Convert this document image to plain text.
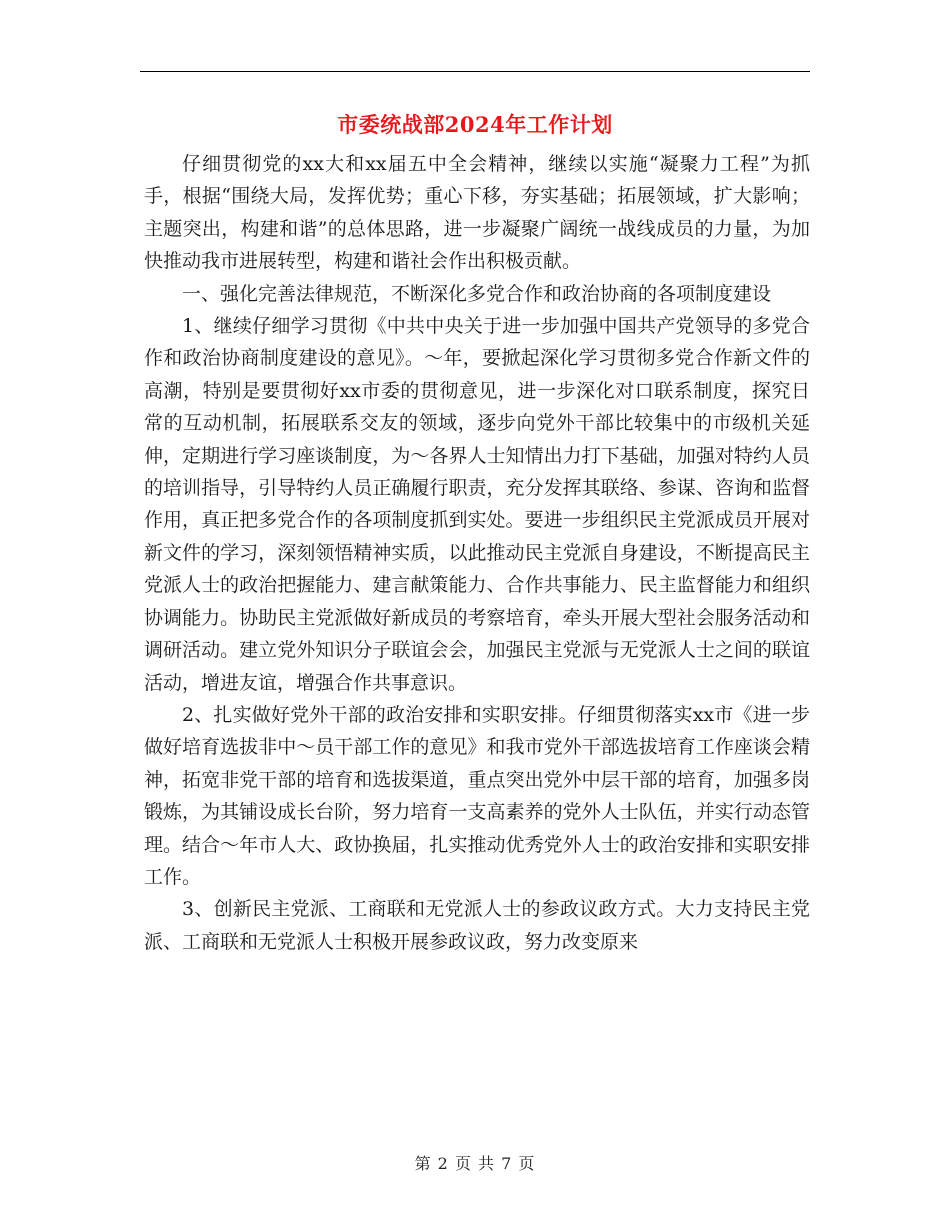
市委统战部2024年工作计划

仔细贯彻党的xx大和xx届五中全会精神，继续以实施“凝聚力工程”为抓手，根据“围绕大局，发挥优势；重心下移，夯实基础；拓展领域，扩大影响；主题突出，构建和谐”的总体思路，进一步凝聚广阔统一战线成员的力量，为加快推动我市进展转型，构建和谐社会作出积极贡献。

一、强化完善法律规范，不断深化多党合作和政治协商的各项制度建设

1、继续仔细学习贯彻《中共中央关于进一步加强中国共产党领导的多党合作和政治协商制度建设的意见》。～年，要掀起深化学习贯彻多党合作新文件的高潮，特别是要贯彻好xx市委的贯彻意见，进一步深化对口联系制度，探究日常的互动机制，拓展联系交友的领域，逐步向党外干部比较集中的市级机关延伸，定期进行学习座谈制度，为～各界人士知情出力打下基础，加强对特约人员的培训指导，引导特约人员正确履行职责，充分发挥其联络、参谋、咨询和监督作用，真正把多党合作的各项制度抓到实处。要进一步组织民主党派成员开展对新文件的学习，深刻领悟精神实质，以此推动民主党派自身建设，不断提高民主党派人士的政治把握能力、建言献策能力、合作共事能力、民主监督能力和组织协调能力。协助民主党派做好新成员的考察培育，牵头开展大型社会服务活动和调研活动。建立党外知识分子联谊会会，加强民主党派与无党派人士之间的联谊活动，增进友谊，增强合作共事意识。

2、扎实做好党外干部的政治安排和实职安排。仔细贯彻落实xx市《进一步做好培育选拔非中～员干部工作的意见》和我市党外干部选拔培育工作座谈会精神，拓宽非党干部的培育和选拔渠道，重点突出党外中层干部的培育，加强多岗锻炼，为其铺设成长台阶，努力培育一支高素养的党外人士队伍，并实行动态管理。结合～年市人大、政协换届，扎实推动优秀党外人士的政治安排和实职安排工作。

3、创新民主党派、工商联和无党派人士的参政议政方式。大力支持民主党派、工商联和无党派人士积极开展参政议政，努力改变原来

第 2 页 共 7 页
